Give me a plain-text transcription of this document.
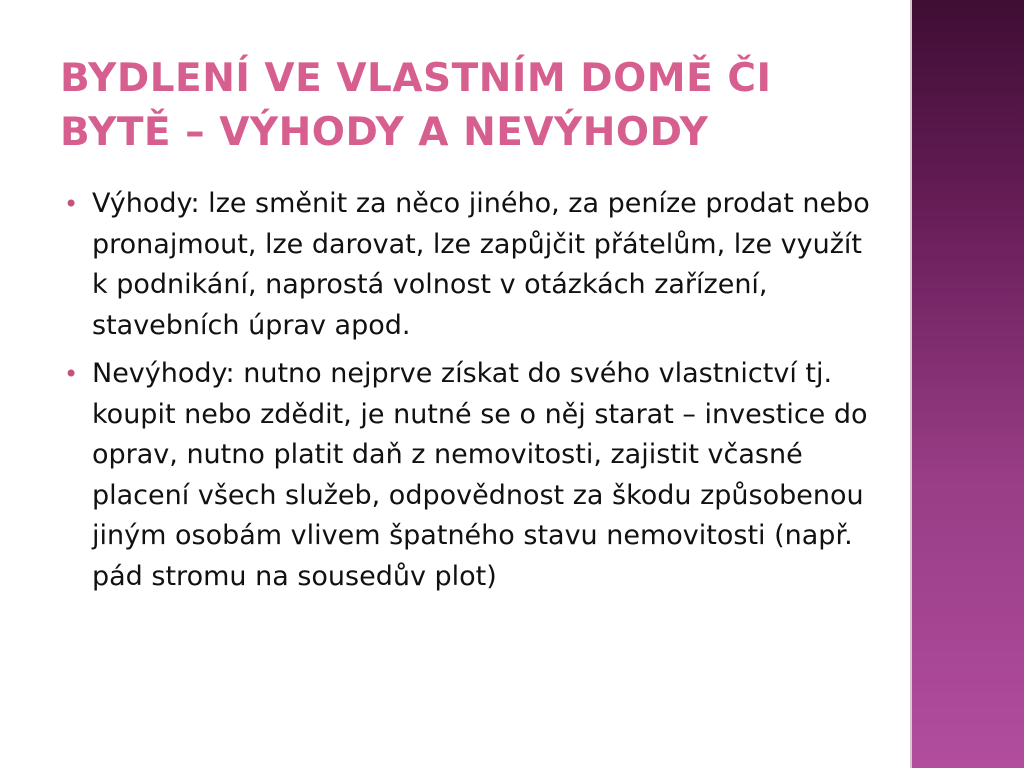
BYDLENÍ VE VLASTNÍM DOMĚ ČI BYTĚ – VÝHODY A NEVÝHODY
• Výhody: lze směnit za něco jiného, za peníze prodat nebo pronajmout, lze darovat, lze zapůjčit přátelům, lze využít k podnikání, naprostá volnost v otázkách zařízení, stavebních úprav apod.
• Nevýhody: nutno nejprve získat do svého vlastnictví tj. koupit nebo zdědit, je nutné se o něj starat – investice do oprav, nutno platit daň z nemovitosti, zajistit včasné placení všech služeb, odpovědnost za škodu způsobenou jiným osobám vlivem špatného stavu nemovitosti (např. pád stromu na sousedův plot)
